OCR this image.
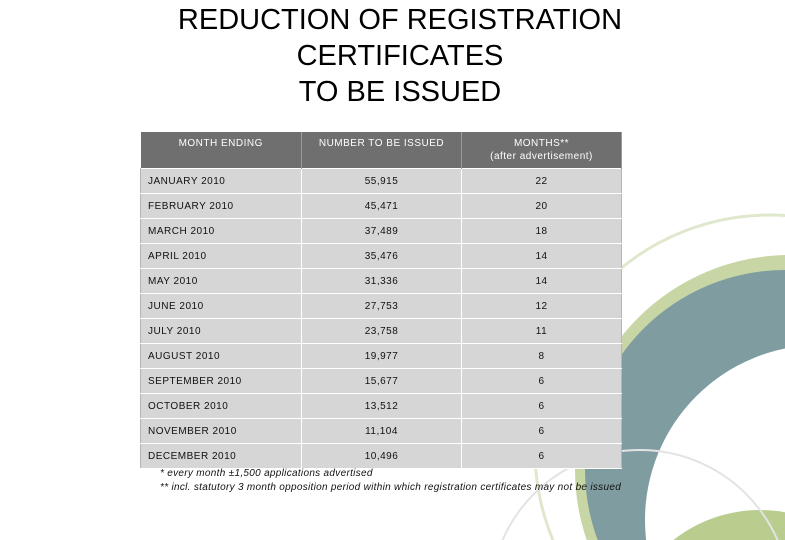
REDUCTION OF REGISTRATION
CERTIFICATES
TO BE ISSUED
MONTH ENDING	NUMBER TO BE ISSUED	MONTHS**
(after advertisement)

JANUARY 2010	55,915	22
FEBRUARY 2010	45,471	20
MARCH 2010	37,489	18
APRIL 2010	35,476	14
MAY 2010	31,336	14
JUNE 2010	27,753	12
JULY 2010	23,758	11
AUGUST 2010	19,977	8
SEPTEMBER 2010	15,677	6
OCTOBER 2010	13,512	6
NOVEMBER 2010	11,104	6
DECEMBER 2010	10,496	6
* every month ±1,500 applications advertised
** incl. statutory 3 month opposition period within which registration certificates may not be issued
